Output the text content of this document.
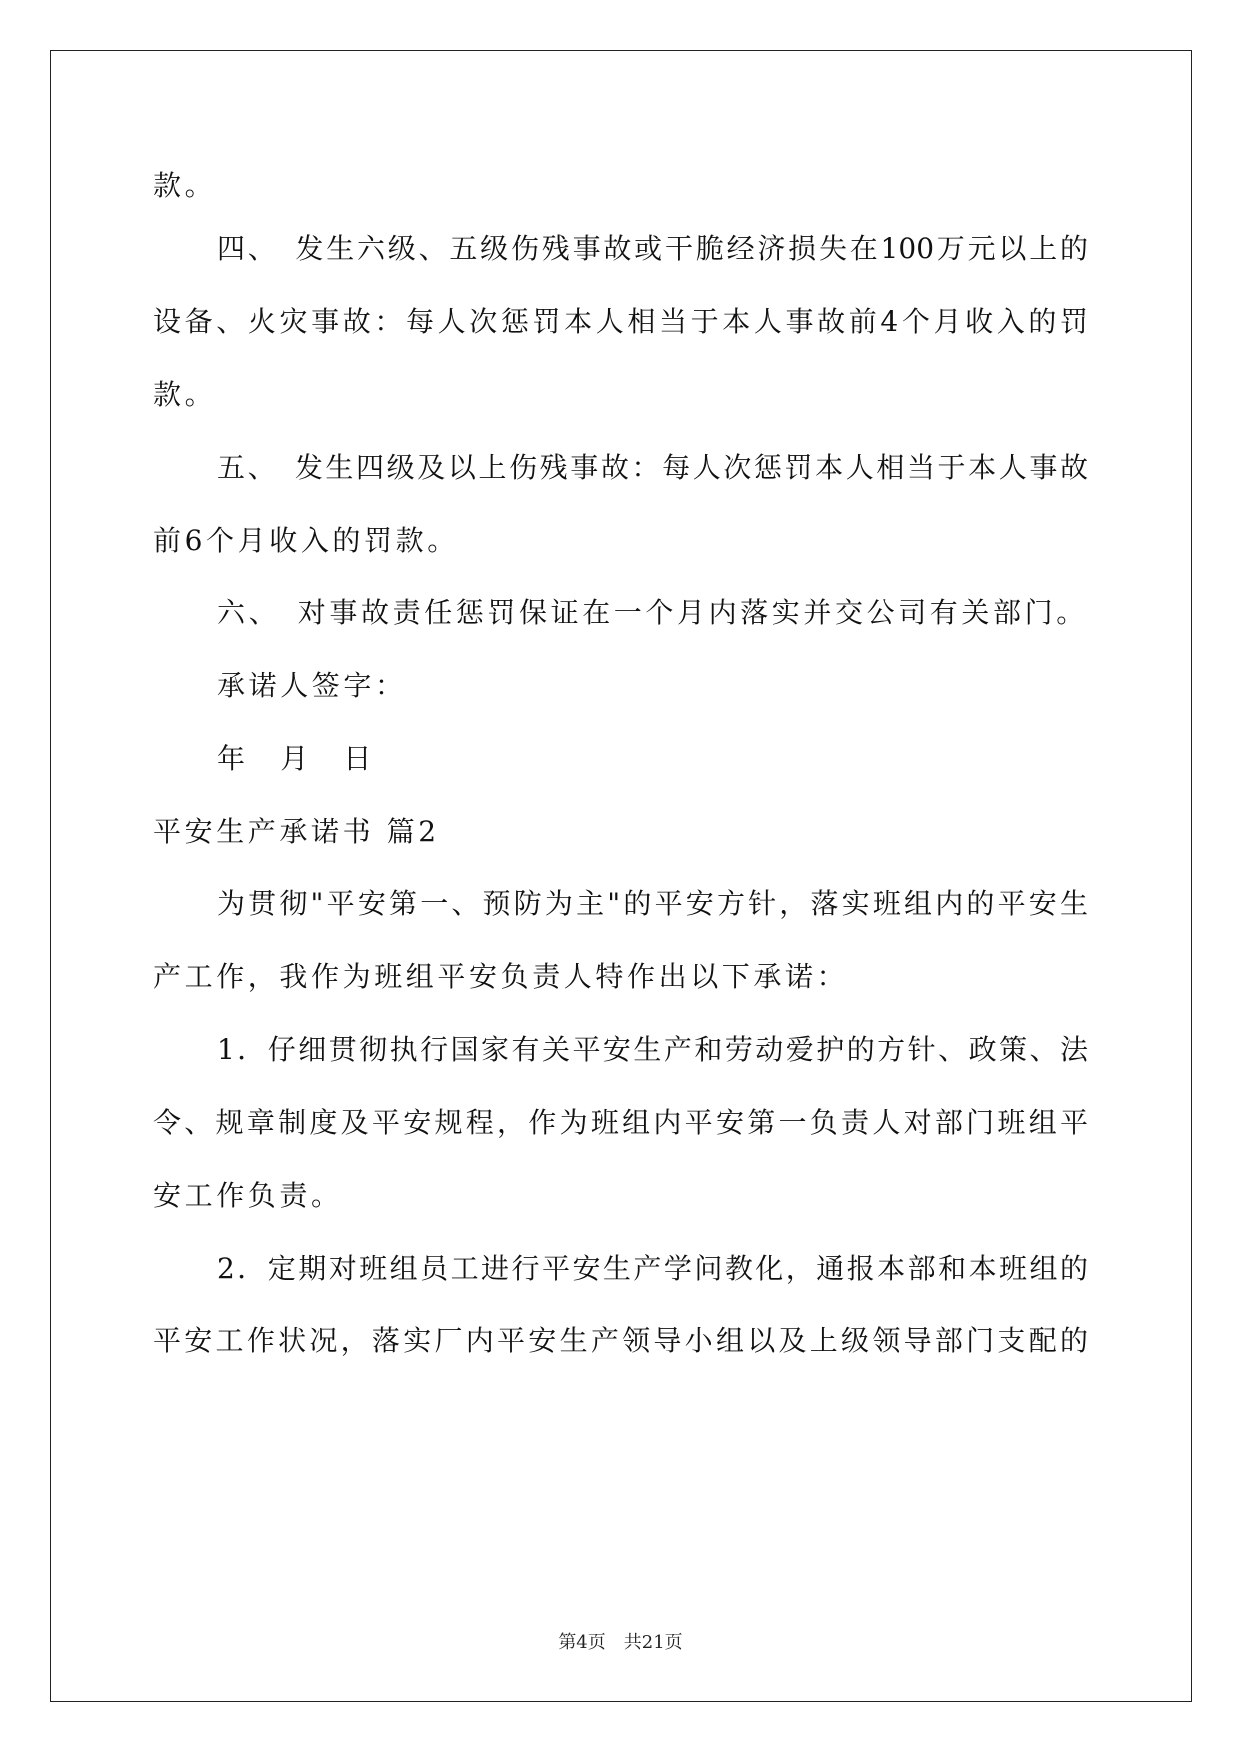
款。
四、　发生六级、五级伤残事故或干脆经济损失在100万元以上的
设备、火灾事故：每人次惩罚本人相当于本人事故前4个月收入的罚
款。
五、　发生四级及以上伤残事故：每人次惩罚本人相当于本人事故
前6个月收入的罚款。
六、　对事故责任惩罚保证在一个月内落实并交公司有关部门。
承诺人签字：
年　月　日
平安生产承诺书 篇2
为贯彻"平安第一、预防为主"的平安方针，落实班组内的平安生
产工作，我作为班组平安负责人特作出以下承诺：
1．仔细贯彻执行国家有关平安生产和劳动爱护的方针、政策、法
令、规章制度及平安规程，作为班组内平安第一负责人对部门班组平
安工作负责。
2．定期对班组员工进行平安生产学问教化，通报本部和本班组的
平安工作状况，落实厂内平安生产领导小组以及上级领导部门支配的
第4页　共21页
